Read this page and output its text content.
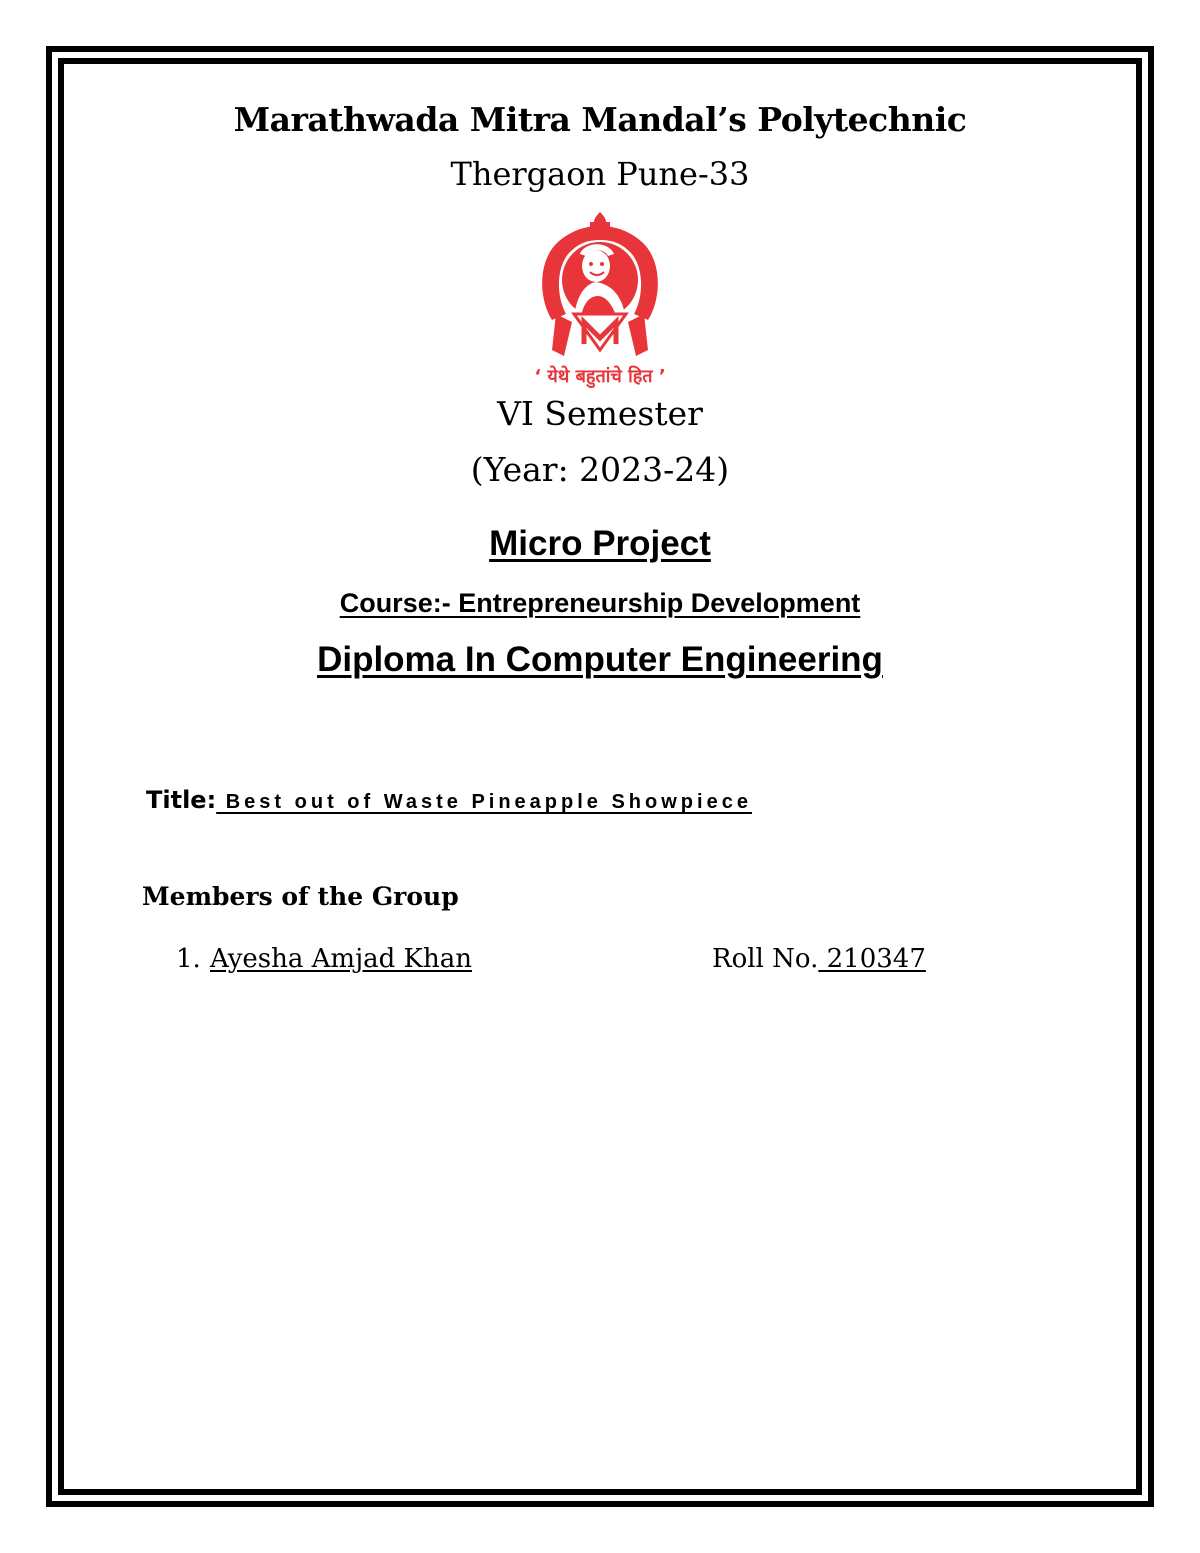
Marathwada Mitra Mandal’s Polytechnic
Thergaon Pune-33
‘ येथे बहुतांचे हित ’
VI Semester
(Year: 2023-24)
Micro Project
Course:- Entrepreneurship Development
Diploma In Computer Engineering
Title: Best out of Waste Pineapple Showpiece
Members of the Group
1. Ayesha Amjad Khan	Roll No. 210347
